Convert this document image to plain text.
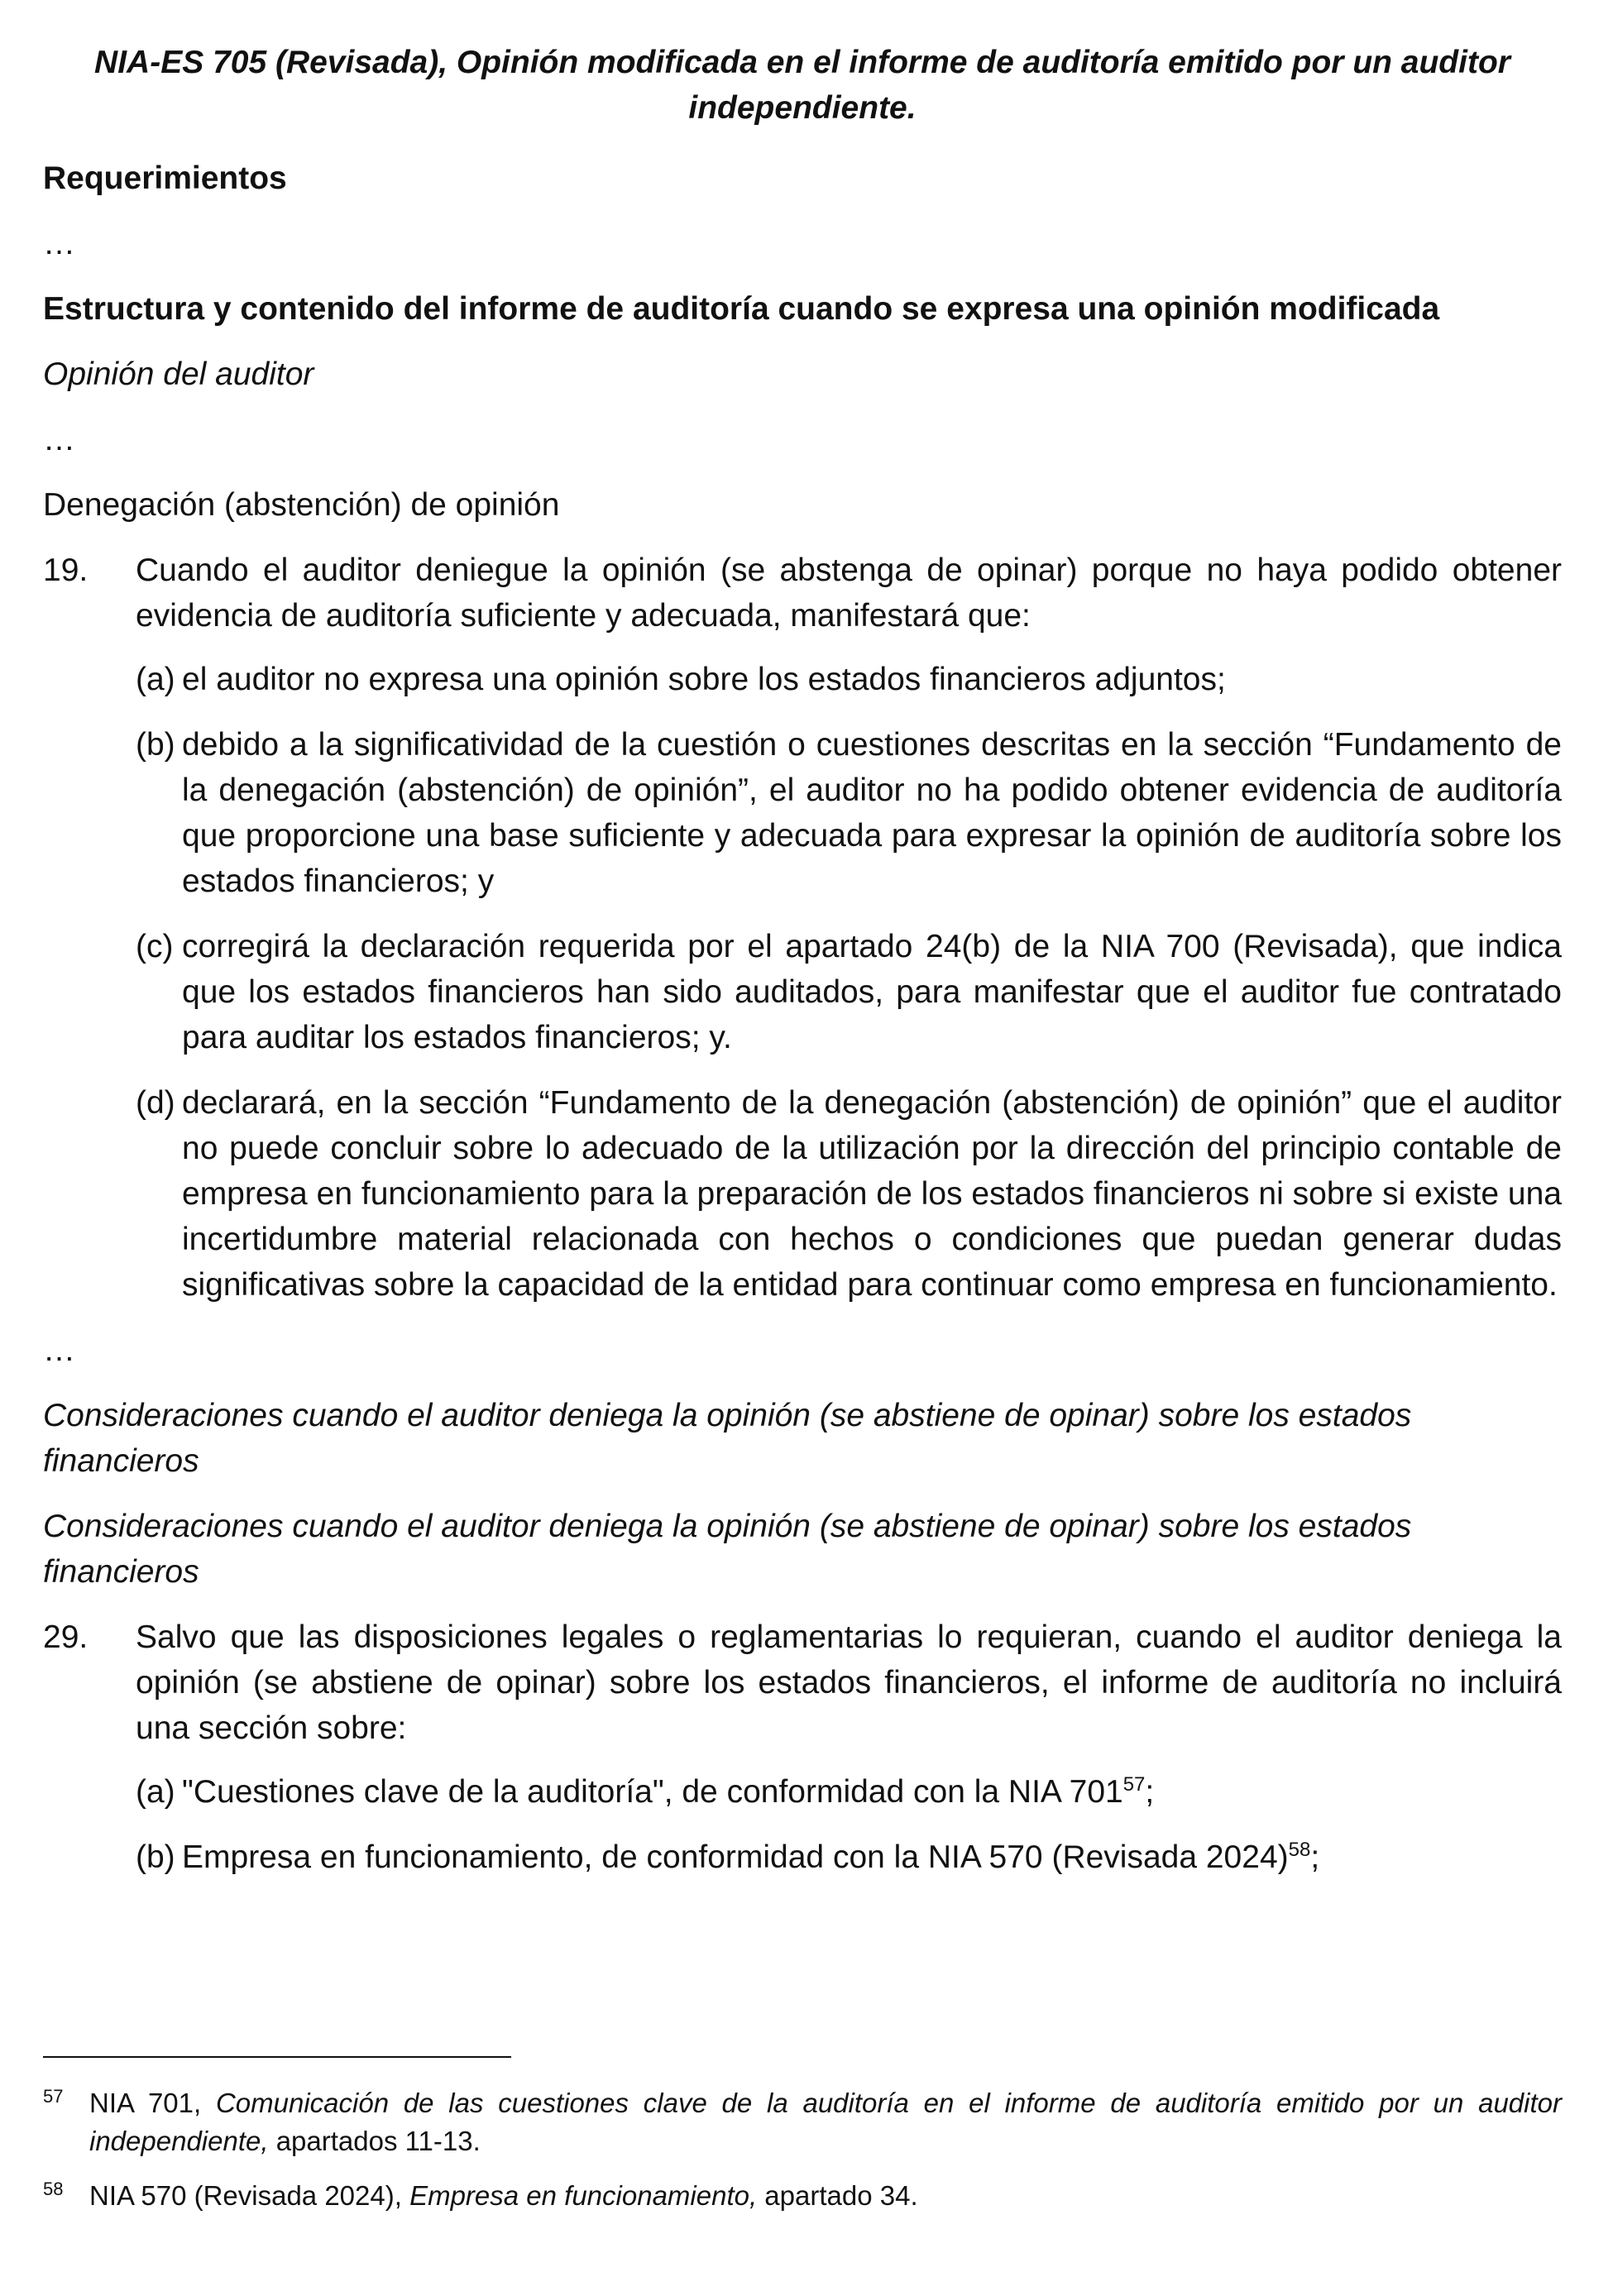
NIA-ES 705 (Revisada), Opinión modificada en el informe de auditoría emitido por un auditor independiente.
Requerimientos
…
Estructura y contenido del informe de auditoría cuando se expresa una opinión modificada
Opinión del auditor
…
Denegación (abstención) de opinión
19. Cuando el auditor deniegue la opinión (se abstenga de opinar) porque no haya podido obtener evidencia de auditoría suficiente y adecuada, manifestará que:
(a) el auditor no expresa una opinión sobre los estados financieros adjuntos;
(b) debido a la significatividad de la cuestión o cuestiones descritas en la sección “Fundamento de la denegación (abstención) de opinión”, el auditor no ha podido obtener evidencia de auditoría que proporcione una base suficiente y adecuada para expresar la opinión de auditoría sobre los estados financieros; y
(c) corregirá la declaración requerida por el apartado 24(b) de la NIA 700 (Revisada), que indica que los estados financieros han sido auditados, para manifestar que el auditor fue contratado para auditar los estados financieros; y.
(d) declarará, en la sección “Fundamento de la denegación (abstención) de opinión” que el auditor no puede concluir sobre lo adecuado de la utilización por la dirección del principio contable de empresa en funcionamiento para la preparación de los estados financieros ni sobre si existe una incertidumbre material relacionada con hechos o condiciones que puedan generar dudas significativas sobre la capacidad de la entidad para continuar como empresa en funcionamiento.
…
Consideraciones cuando el auditor deniega la opinión (se abstiene de opinar) sobre los estados financieros
Consideraciones cuando el auditor deniega la opinión (se abstiene de opinar) sobre los estados financieros
29. Salvo que las disposiciones legales o reglamentarias lo requieran, cuando el auditor deniega la opinión (se abstiene de opinar) sobre los estados financieros, el informe de auditoría no incluirá una sección sobre:
(a) "Cuestiones clave de la auditoría", de conformidad con la NIA $701^{57}$;
(b) Empresa en funcionamiento, de conformidad con la NIA 570 (Revisada 2024)$^{58}$;
57 NIA 701, Comunicación de las cuestiones clave de la auditoría en el informe de auditoría emitido por un auditor independiente, apartados 11-13.
58 NIA 570 (Revisada 2024), Empresa en funcionamiento, apartado 34.
